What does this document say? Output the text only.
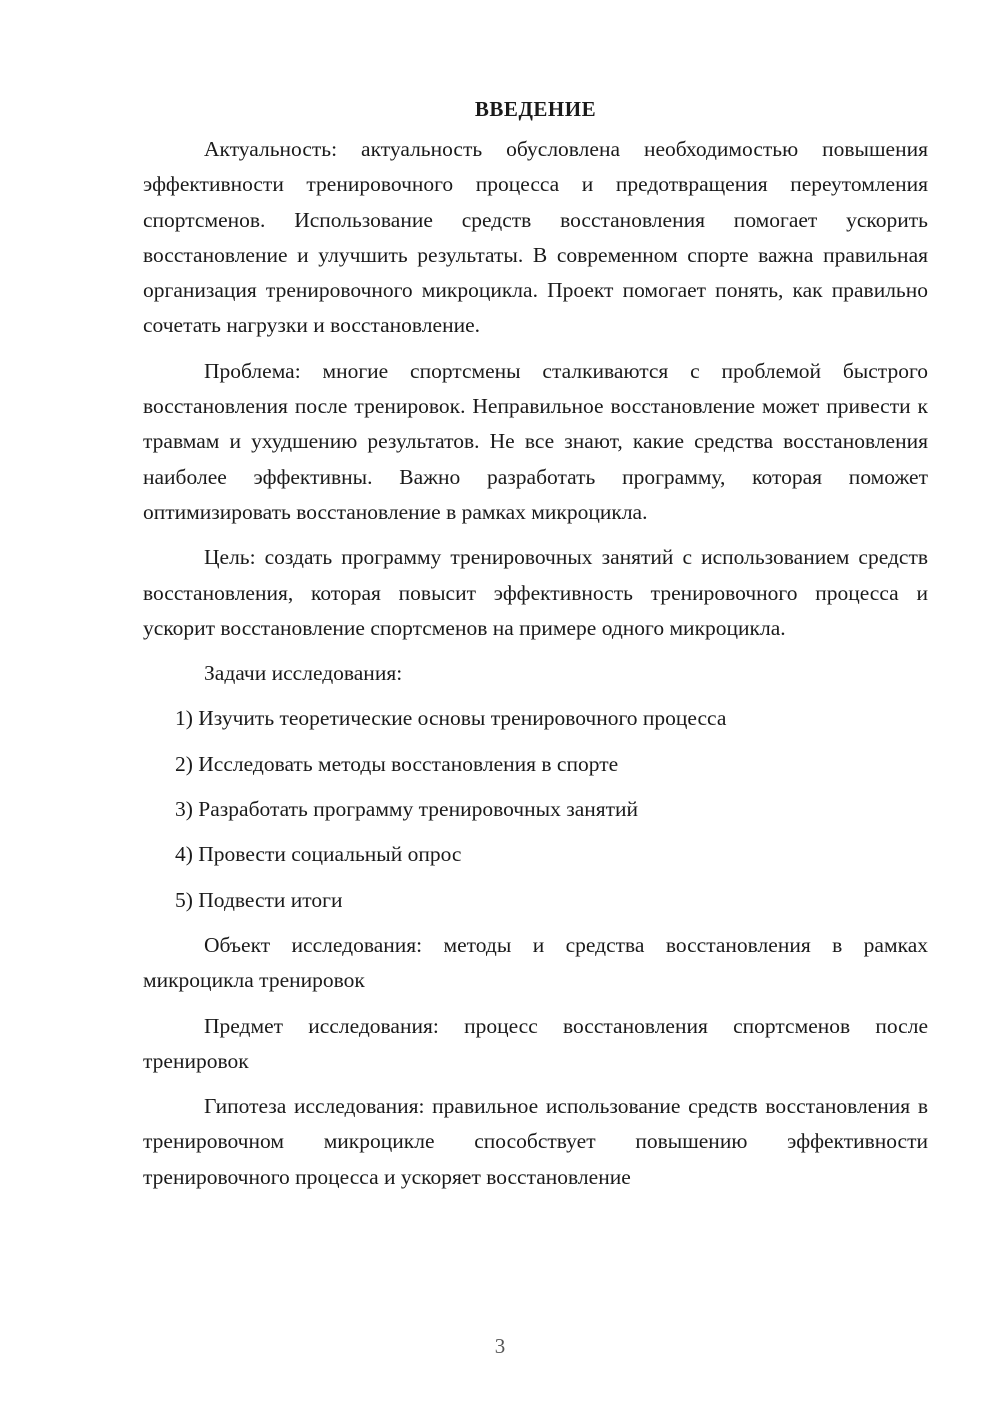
ВВЕДЕНИЕ

Актуальность: актуальность обусловлена необходимостью повышения эффективности тренировочного процесса и предотвращения переутомления спортсменов. Использование средств восстановления помогает ускорить восстановление и улучшить результаты. В современном спорте важна правильная организация тренировочного микроцикла. Проект помогает понять, как правильно сочетать нагрузки и восстановление.

Проблема: многие спортсмены сталкиваются с проблемой быстрого восстановления после тренировок. Неправильное восстановление может привести к травмам и ухудшению результатов. Не все знают, какие средства восстановления наиболее эффективны. Важно разработать программу, которая поможет оптимизировать восстановление в рамках микроцикла.

Цель: создать программу тренировочных занятий с использованием средств восстановления, которая повысит эффективность тренировочного процесса и ускорит восстановление спортсменов на примере одного микроцикла.

Задачи исследования:

1) Изучить теоретические основы тренировочного процесса
2) Исследовать методы восстановления в спорте
3) Разработать программу тренировочных занятий
4) Провести социальный опрос
5) Подвести итоги

Объект исследования: методы и средства восстановления в рамках микроцикла тренировок

Предмет исследования: процесс восстановления спортсменов после тренировок

Гипотеза исследования: правильное использование средств восстановления в тренировочном микроцикле способствует повышению эффективности тренировочного процесса и ускоряет восстановление

3
